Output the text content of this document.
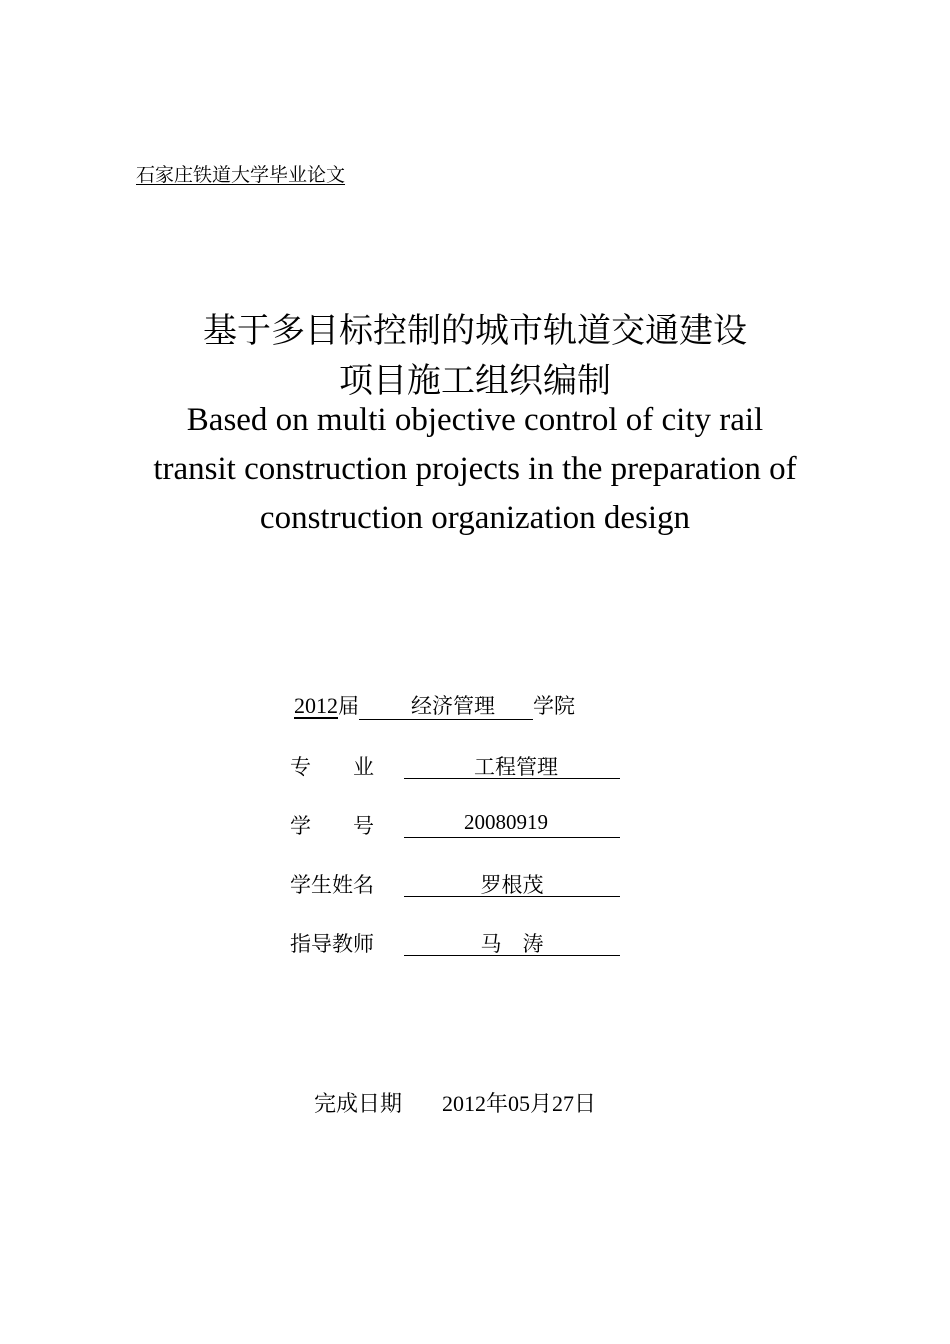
石家庄铁道大学毕业论文
基于多目标控制的城市轨道交通建设
项目施工组织编制
Based on multi objective control of city rail
transit construction projects in the preparation of
construction organization design
2012届 经济管理 学院
专　　业	工程管理
学　　号	20080919
学生姓名	罗根茂
指导教师	马　涛
完成日期 2012年05月27日
